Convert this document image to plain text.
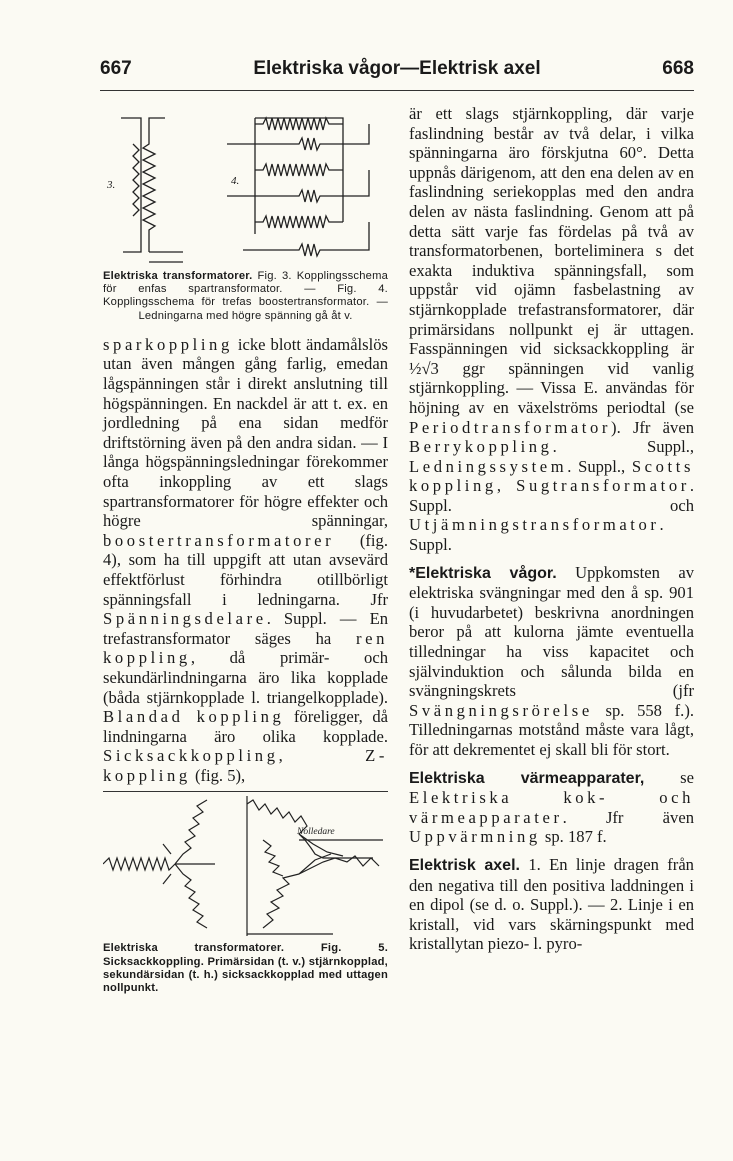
667	Elektriska vågor—Elektrisk axel	668
3.	4.
Elektriska transformatorer. Fig. 3. Kopplingsschema för enfas spartransformator. — Fig. 4. Kopplingsschema för trefas boostertransformator. — Ledningarna med högre spänning gå åt v.

sparkoppling icke blott ändamålslös utan även mången gång farlig, emedan lågspänningen står i direkt anslutning till högspänningen. En nackdel är att t. ex. en jordledning på ena sidan medför driftstörning även på den andra sidan. — I långa högspänningsledningar förekommer ofta inkoppling av ett slags spartransformatorer för högre effekter och högre spänningar, boostertransformatorer (fig. 4), som ha till uppgift att utan avsevärd effektförlust förhindra otillbörligt spänningsfall i ledningarna. Jfr Spänningsdelare. Suppl. — En trefastransformator säges ha ren koppling, då primär- och sekundärlindningarna äro lika kopplade (båda stjärnkopplade l. triangelkopplade). Blandad koppling föreligger, då lindningarna äro olika kopplade. Sicksackkoppling, Z-koppling (fig. 5),

Nolledare
Elektriska transformatorer.	Fig. 5. Sicksackkoppling. Primärsidan (t. v.) stjärnkopplad, sekundärsidan (t. h.) sicksackkopplad med uttagen nollpunkt.

är ett slags stjärnkoppling, där varje faslindning består av två delar, i vilka spänningarna äro förskjutna 60°. Detta uppnås därigenom, att den ena delen av en faslindning seriekopplas med den andra delen av nästa faslindning. Genom att på detta sätt varje fas fördelas på två av transformatorbenen, borteliminera s det exakta induktiva spänningsfall, som uppstår vid ojämn fasbelastning av stjärnkopplade trefastransformatorer, där primärsidans nollpunkt ej är uttagen. Fasspänningen vid sicksackkoppling är ½√3 ggr spänningen vid vanlig stjärnkoppling. — Vissa E. användas för höjning av en växelströms periodtal (se Periodtransformator). Jfr även Berrykoppling. Suppl., Ledningssystem. Suppl., Scotts koppling, Sugtransformator. Suppl. och Utjämningstransformator. Suppl.

*Elektriska vågor. Uppkomsten av elektriska svängningar med den å sp. 901 (i huvudarbetet) beskrivna anordningen beror på att kulorna jämte eventuella tilledningar ha viss kapacitet och självinduktion och sålunda bilda en svängningskrets (jfr Svängningsrörelse sp. 558 f.). Tilledningarnas motstånd måste vara lågt, för att dekrementet ej skall bli för stort.

Elektriska värmeapparater, se Elektriska kok- och värmeapparater. Jfr även Uppvärmning sp. 187 f.

Elektrisk axel. 1. En linje dragen från den negativa till den positiva laddningen i en dipol (se d. o. Suppl.). — 2. Linje i en kristall, vid vars skärningspunkt med kristallytan piezo- l. pyro-
